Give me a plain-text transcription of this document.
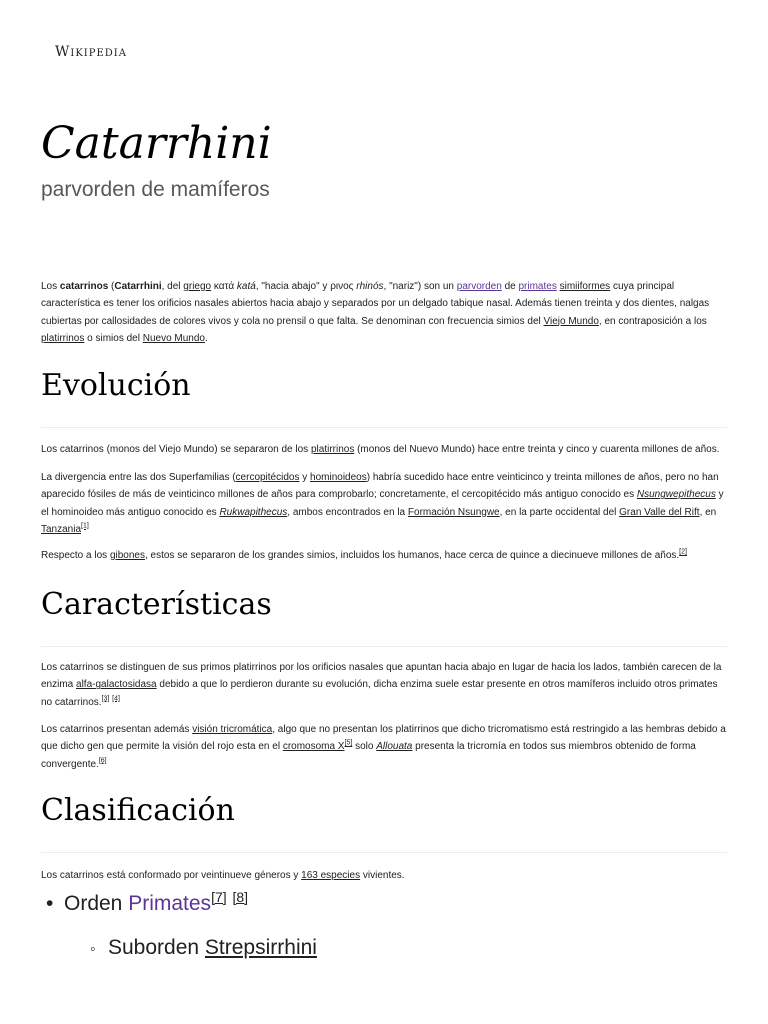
Wikipedia
Catarrhini
parvorden de mamíferos

Los catarrinos (Catarrhini, del griego κατά katá, "hacia abajo" y ρινος rhinós, "nariz") son un parvorden de primates simiiformes cuya principal característica es tener los orificios nasales abiertos hacia abajo y separados por un delgado tabique nasal. Además tienen treinta y dos dientes, nalgas cubiertas por callosidades de colores vivos y cola no prensil o que falta. Se denominan con frecuencia simios del Viejo Mundo, en contraposición a los platirrinos o simios del Nuevo Mundo.

Evolución

Los catarrinos (monos del Viejo Mundo) se separaron de los platirrinos (monos del Nuevo Mundo) hace entre treinta y cinco y cuarenta millones de años.

La divergencia entre las dos Superfamilias (cercopitécidos y hominoideos) habría sucedido hace entre veinticinco y treinta millones de años, pero no han aparecido fósiles de más de veinticinco millones de años para comprobarlo; concretamente, el cercopitécido más antiguo conocido es Nsungwepithecus y el hominoideo más antiguo conocido es Rukwapithecus, ambos encontrados en la Formación Nsungwe, en la parte occidental del Gran Valle del Rift, en Tanzania[1]

Respecto a los gibones, estos se separaron de los grandes simios, incluidos los humanos, hace cerca de quince a diecinueve millones de años.[2]

Características

Los catarrinos se distinguen de sus primos platirrinos por los orificios nasales que apuntan hacia abajo en lugar de hacia los lados, también carecen de la enzima alfa-galactosidasa debido a que lo perdieron durante su evolución, dicha enzima suele estar presente en otros mamíferos incluido otros primates no catarrinos.[3] [4]

Los catarrinos presentan además visión tricromática, algo que no presentan los platirrinos que dicho tricromatismo está restringido a las hembras debido a que dicho gen que permite la visión del rojo esta en el cromosoma X[5] solo Allouata presenta la tricromía en todos sus miembros obtenido de forma convergente.[6]

Clasificación

Los catarrinos está conformado por veintinueve géneros y 163 especies vivientes.

•Orden Primates[7] [8]
◦Suborden Strepsirrhini
